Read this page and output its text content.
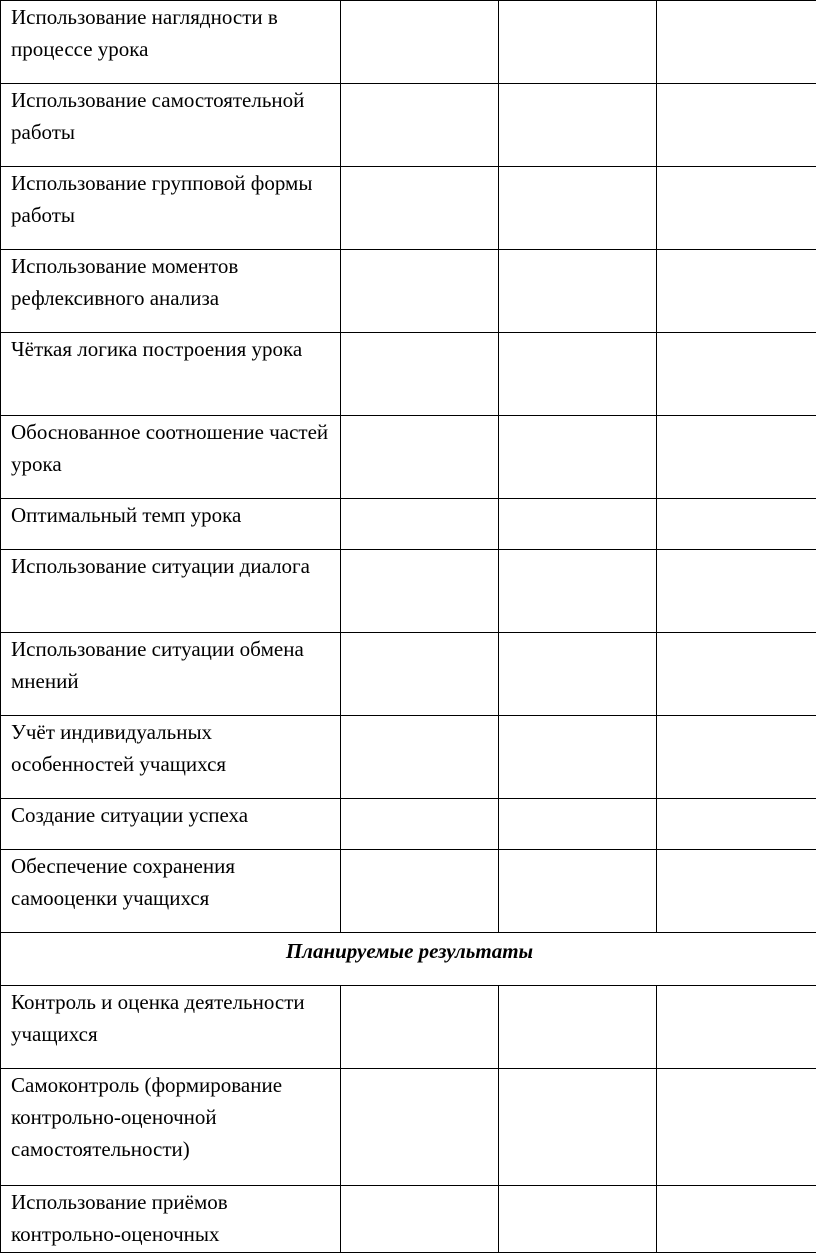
Использование наглядности в процессе урока			
Использование самостоятельной работы			
Использование групповой формы работы			
Использование моментов рефлексивного анализа			
Чёткая логика построения урока			
Обоснованное соотношение частей урока			
Оптимальный темп урока			
Использование ситуации диалога			
Использование ситуации обмена мнений			
Учёт индивидуальных особенностей учащихся			
Создание ситуации успеха			
Обеспечение сохранения самооценки учащихся			
Планируемые результаты			
Контроль и оценка деятельности учащихся			
Самоконтроль (формирование контрольно-оценочной самостоятельности)			
Использование приёмов контрольно-оценочных			
